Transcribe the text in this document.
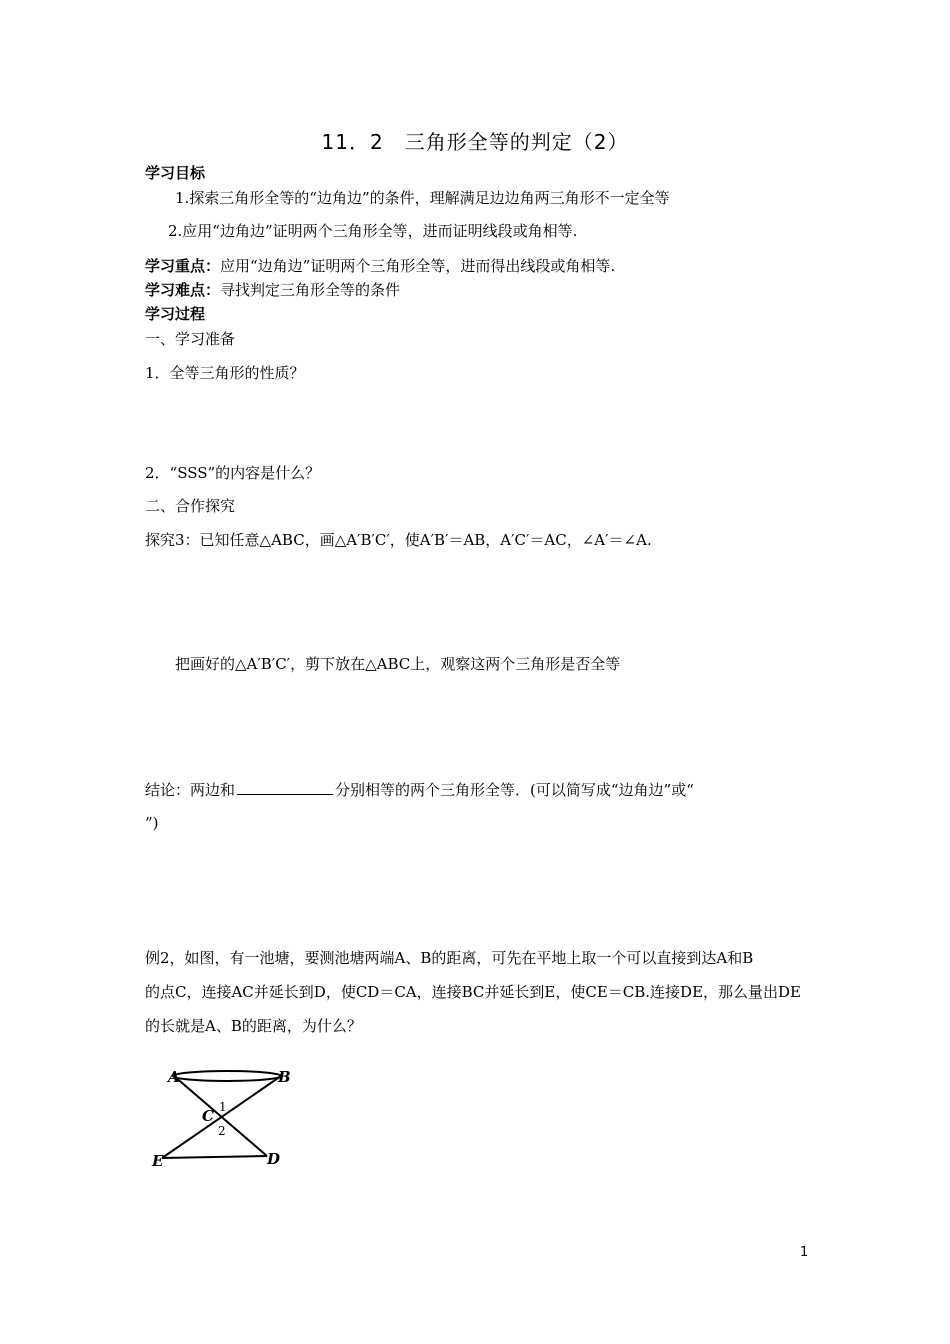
11．2　三角形全等的判定（2）
学习目标
1.探索三角形全等的“边角边”的条件，理解满足边边角两三角形不一定全等
2.应用“边角边”证明两个三角形全等，进而证明线段或角相等.
学习重点：应用“边角边”证明两个三角形全等，进而得出线段或角相等.
学习难点：寻找判定三角形全等的条件
学习过程
一、学习准备
1．全等三角形的性质？
2．“SSS”的内容是什么？
二、合作探究
探究3：已知任意△ABC，画△A′B′C′，使A′B′＝AB，A′C′＝AC，∠A′＝∠A.
把画好的△A′B′C′，剪下放在△ABC上，观察这两个三角形是否全等
结论：两边和	分别相等的两个三角形全等．(可以简写成“边角边”或“
”)
例2，如图，有一池塘，要测池塘两端A、B的距离，可先在平地上取一个可以直接到达A和B
的点C，连接AC并延长到D，使CD＝CA，连接BC并延长到E，使CE＝CB.连接DE，那么量出DE
的长就是A、B的距离，为什么？
A	B
C
E	D
1
2
1
